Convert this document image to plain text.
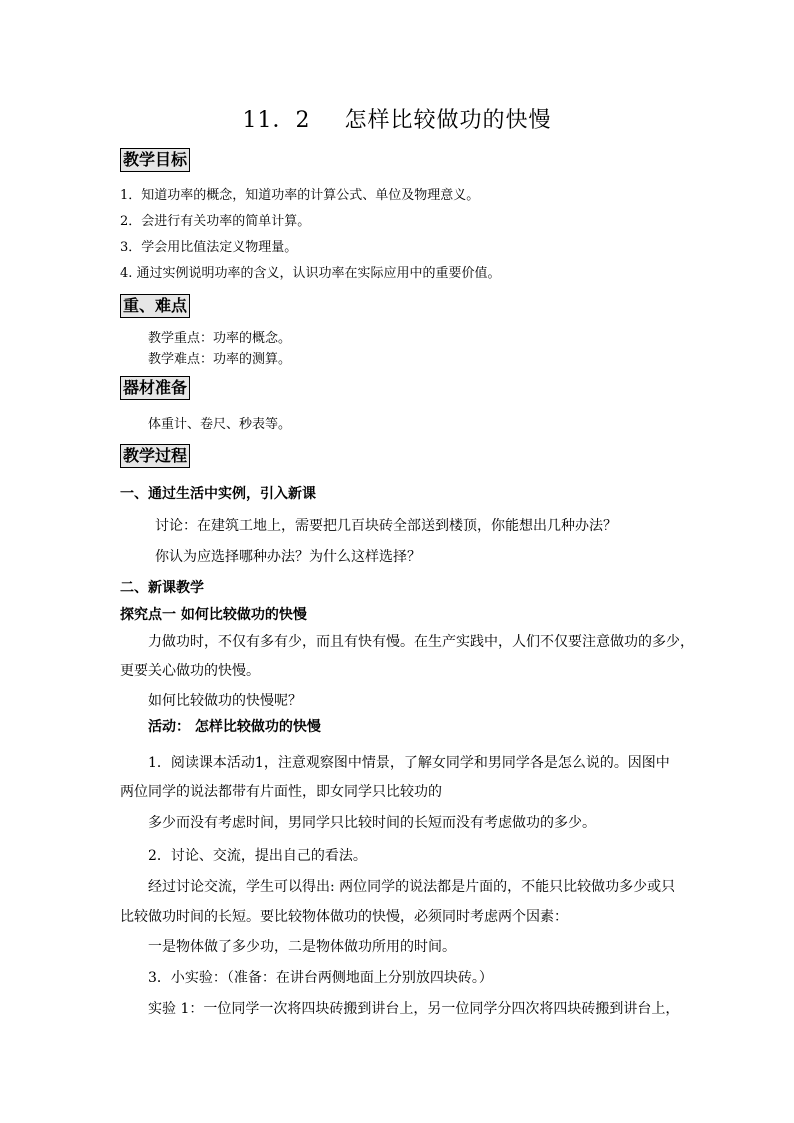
11．2 怎样比较做功的快慢
教学目标
1．知道功率的概念，知道功率的计算公式、单位及物理意义。
2．会进行有关功率的简单计算。
3．学会用比值法定义物理量。
4. 通过实例说明功率的含义，认识功率在实际应用中的重要价值。
重、难点
教学重点：功率的概念。
教学难点：功率的测算。
器材准备
体重计、卷尺、秒表等。
教学过程
一、通过生活中实例，引入新课
讨论：在建筑工地上，需要把几百块砖全部送到楼顶，你能想出几种办法？
你认为应选择哪种办法？为什么这样选择？
二、新课教学
探究点一 如何比较做功的快慢
力做功时，不仅有多有少，而且有快有慢。在生产实践中，人们不仅要注意做功的多少，
更要关心做功的快慢。
如何比较做功的快慢呢？
活动： 怎样比较做功的快慢
1．阅读课本活动1，注意观察图中情景，了解女同学和男同学各是怎么说的。因图中
两位同学的说法都带有片面性，即女同学只比较功的
多少而没有考虑时间，男同学只比较时间的长短而没有考虑做功的多少。
2．讨论、交流，提出自己的看法。
经过讨论交流，学生可以得出: 两位同学的说法都是片面的，不能只比较做功多少或只
比较做功时间的长短。要比较物体做功的快慢，必须同时考虑两个因素：
一是物体做了多少功，二是物体做功所用的时间。
3．小实验：（准备：在讲台两侧地面上分别放四块砖。）
实验 1：一位同学一次将四块砖搬到讲台上，另一位同学分四次将四块砖搬到讲台上，
